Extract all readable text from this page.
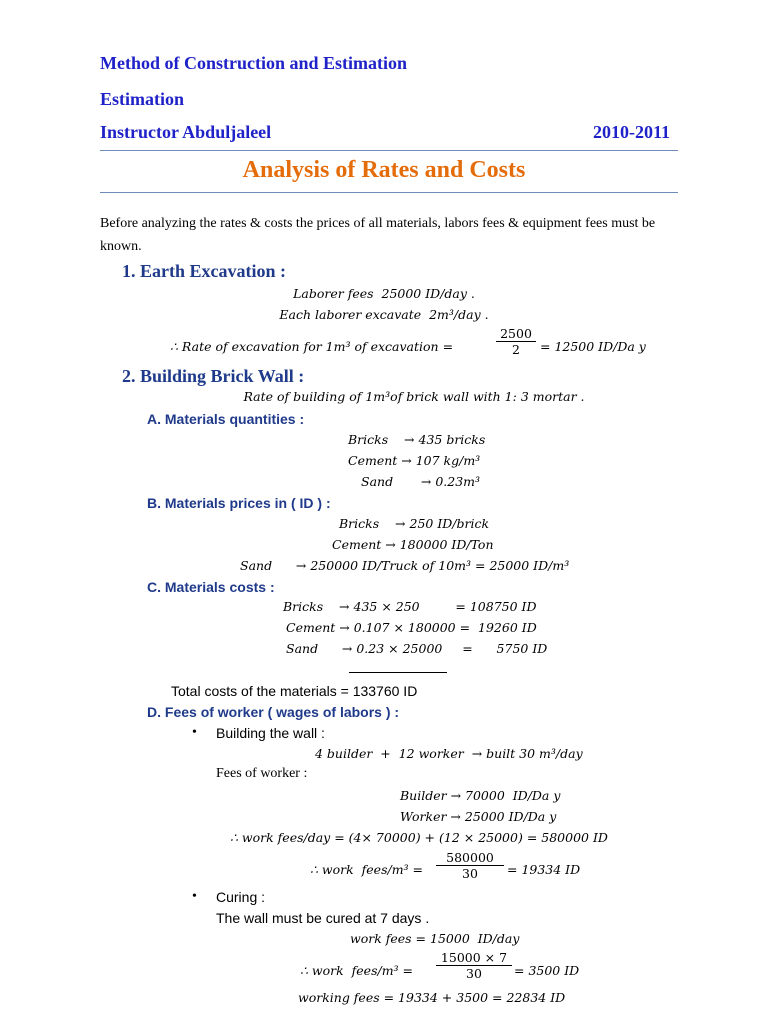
Method of Construction and Estimation
Estimation
Instructor Abduljaleel	2010-2011
Analysis of Rates and Costs
Before analyzing the rates & costs the prices of all materials, labors fees & equipment fees must be known.
1. Earth Excavation :
Laborer fees  25000 ID/day .
Each laborer excavate  2m³/day .
∴ Rate of excavation for 1m³ of excavation =	$\frac{2500}{2} = 12500$ ID/Da y
2. Building Brick Wall :
Rate of building of 1m³of brick wall with 1: 3 mortar .
A. Materials quantities :
Bricks    → 435 bricks
Cement → 107 kg/m³
Sand       → 0.23m³
B. Materials prices in ( ID ) :
Bricks    → 250 ID/brick
Cement → 180000 ID/Ton
Sand      → 250000 ID/Truck of 10m³ = 25000 ID/m³
C. Materials costs :
Bricks    → 435 × 250         = 108750 ID
Cement → 0.107 × 180000 =  19260 ID
Sand      → 0.23 × 25000     =      5750 ID
Total costs of the materials = 133760 ID
D. Fees of worker ( wages of labors ) :
• Building the wall :
4 builder  +  12 worker  → built 30 m³/day
Fees of worker :
Builder → 70000  ID/Da y
Worker → 25000 ID/Da y
∴ work fees/day = (4× 70000) + (12 × 25000) = 580000 ID
∴ work  fees/m³ = $\frac{580000}{30} = 19334$ ID
• Curing :
The wall must be cured at 7 days .
work fees = 15000  ID/day
∴ work  fees/m³ = $\frac{15000 \times 7}{30} = 3500$ ID
working fees = 19334 + 3500 = 22834 ID
